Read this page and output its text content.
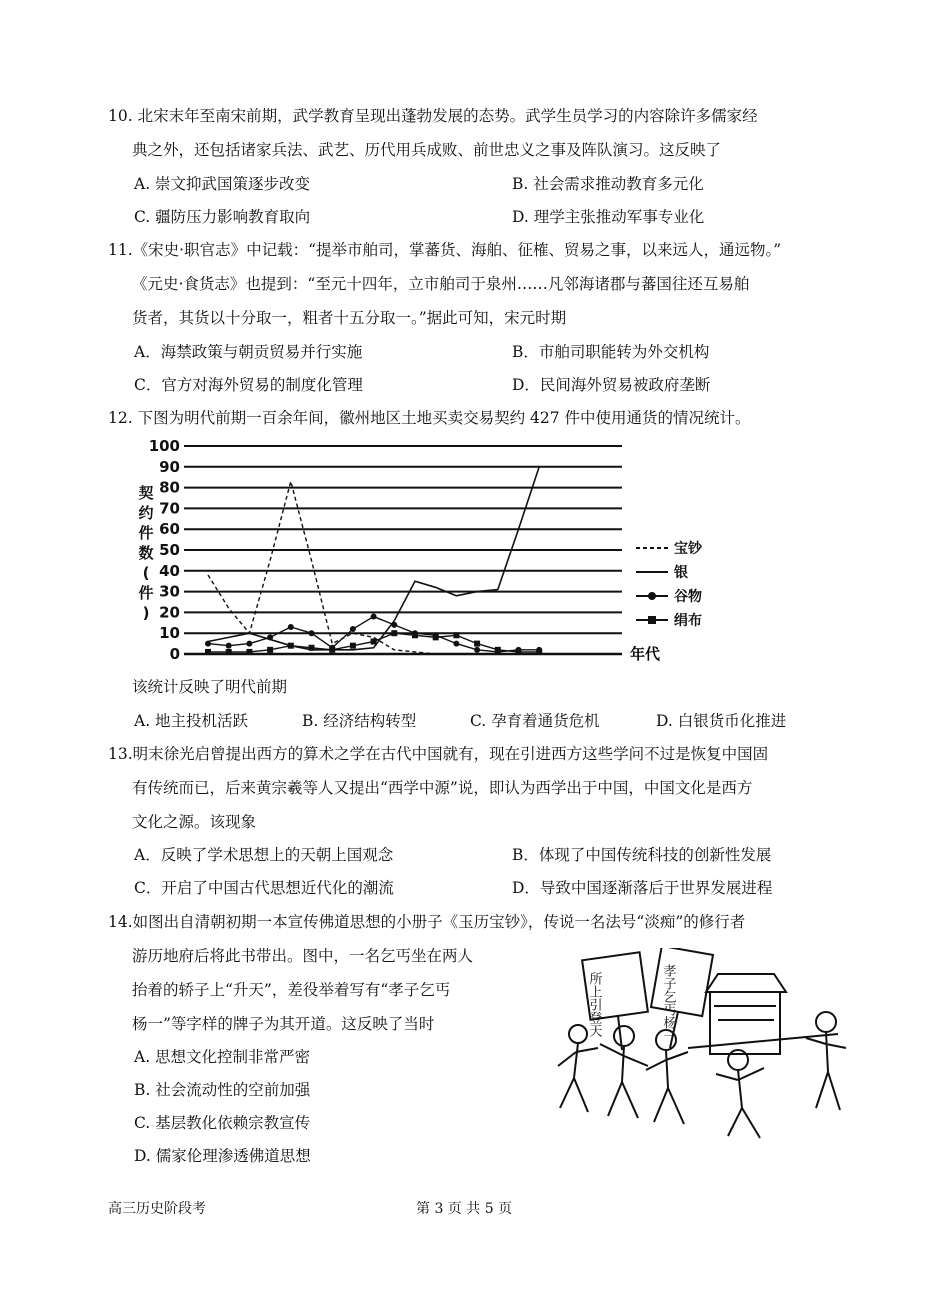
10. 北宋末年至南宋前期，武学教育呈现出蓬勃发展的态势。武学生员学习的内容除许多儒家经
典之外，还包括诸家兵法、武艺、历代用兵成败、前世忠义之事及阵队演习。这反映了
A. 崇文抑武国策逐步改变	B. 社会需求推动教育多元化
C. 疆防压力影响教育取向	D. 理学主张推动军事专业化
11.《宋史·职官志》中记载：“提举市舶司，掌蕃货、海舶、征榷、贸易之事，以来远人，通远物。”
《元史·食货志》也提到：“至元十四年，立市舶司于泉州……凡邻海诸郡与蕃国往还互易舶
货者，其货以十分取一，粗者十五分取一。”据此可知，宋元时期
A．海禁政策与朝贡贸易并行实施	B．市舶司职能转为外交机构
C．官方对海外贸易的制度化管理	D．民间海外贸易被政府垄断
12. 下图为明代前期一百余年间，徽州地区土地买卖交易契约 427 件中使用通货的情况统计。
100
90
80
70
60
50
40
30
20
10
0
契
约
件
数
(
件
)
宝钞
银
谷物
绢布
年代
该统计反映了明代前期
A. 地主投机活跃	B. 经济结构转型	C. 孕育着通货危机	D. 白银货币化推进
13.明末徐光启曾提出西方的算术之学在古代中国就有，现在引进西方这些学问不过是恢复中国固
有传统而已，后来黄宗羲等人又提出“西学中源”说，即认为西学出于中国，中国文化是西方
文化之源。该现象
A．反映了学术思想上的天朝上国观念	B．体现了中国传统科技的创新性发展
C．开启了中国古代思想近代化的潮流	D．导致中国逐渐落后于世界发展进程
14.如图出自清朝初期一本宣传佛道思想的小册子《玉历宝钞》，传说一名法号“淡痴”的修行者
游历地府后将此书带出。图中，一名乞丐坐在两人
抬着的轿子上“升天”，差役举着写有“孝子乞丐
杨一”等字样的牌子为其开道。这反映了当时
A. 思想文化控制非常严密
B. 社会流动性的空前加强
C. 基层教化依赖宗教宣传
D. 儒家伦理渗透佛道思想
所上引登天	孝子乞丐杨一
高三历史阶段考	第 3 页 共 5 页
